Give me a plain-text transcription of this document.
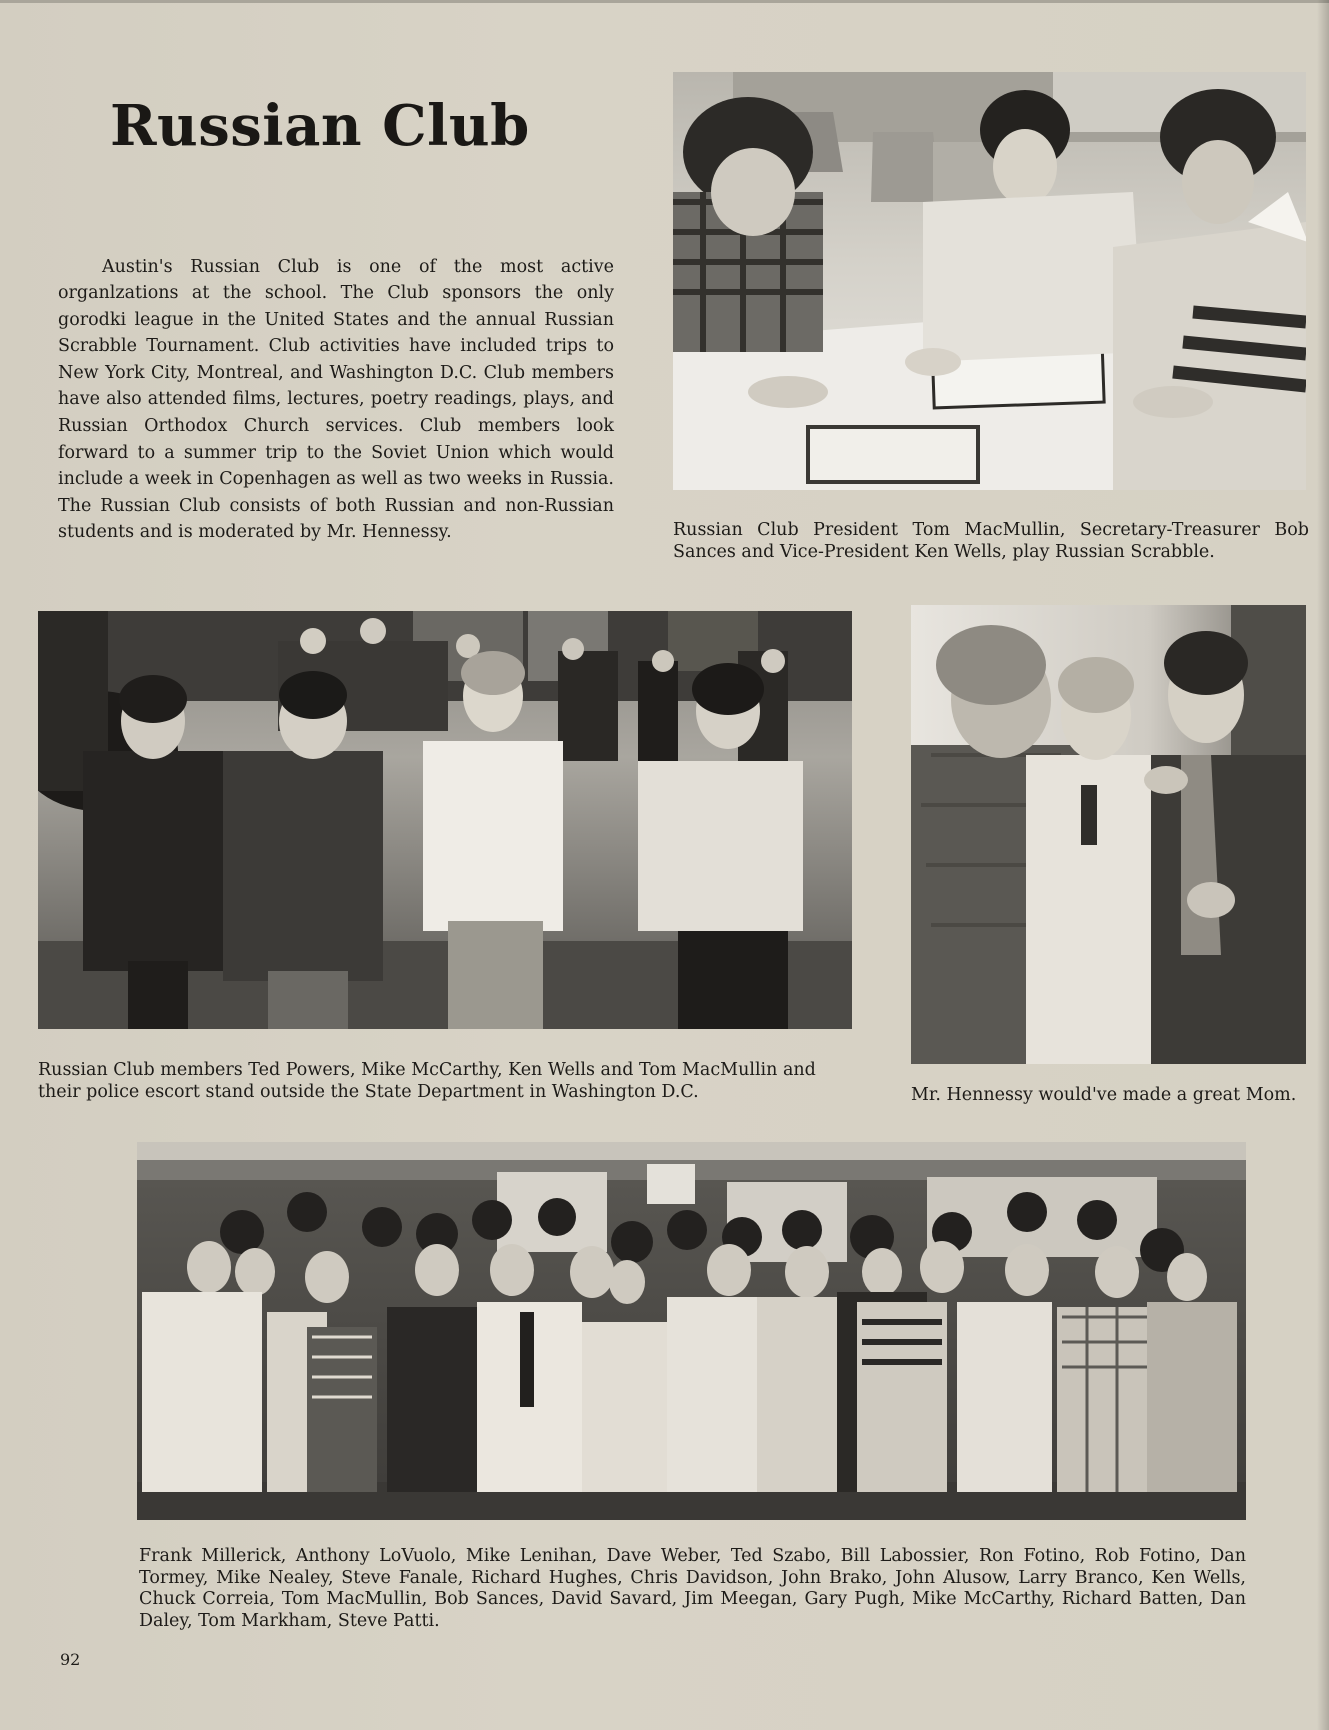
Russian Club

Austin's Russian Club is one of the most active organlzations at the school. The Club sponsors the only gorodki league in the United States and the annual Russian Scrabble Tournament. Club activities have included trips to New York City, Montreal, and Washington D.C. Club members have also attended films, lectures, poetry readings, plays, and Russian Orthodox Church services. Club members look forward to a summer trip to the Soviet Union which would include a week in Copenhagen as well as two weeks in Russia. The Russian Club consists of both Russian and non-Russian students and is moderated by Mr. Hennessy.	Russian Club President Tom MacMullin, Secretary-Treasurer Bob Sances and Vice-President Ken Wells, play Russian Scrabble.
Russian Club members Ted Powers, Mike McCarthy, Ken Wells and Tom MacMullin and their police escort stand outside the State Department in Washington D.C.	Mr. Hennessy would've made a great Mom.
Frank Millerick, Anthony LoVuolo, Mike Lenihan, Dave Weber, Ted Szabo, Bill Labossier, Ron Fotino, Rob Fotino, Dan Tormey, Mike Nealey, Steve Fanale, Richard Hughes, Chris Davidson, John Brako, John Alusow, Larry Branco, Ken Wells, Chuck Correia, Tom MacMullin, Bob Sances, David Savard, Jim Meegan, Gary Pugh, Mike McCarthy, Richard Batten, Dan Daley, Tom Markham, Steve Patti.
92
